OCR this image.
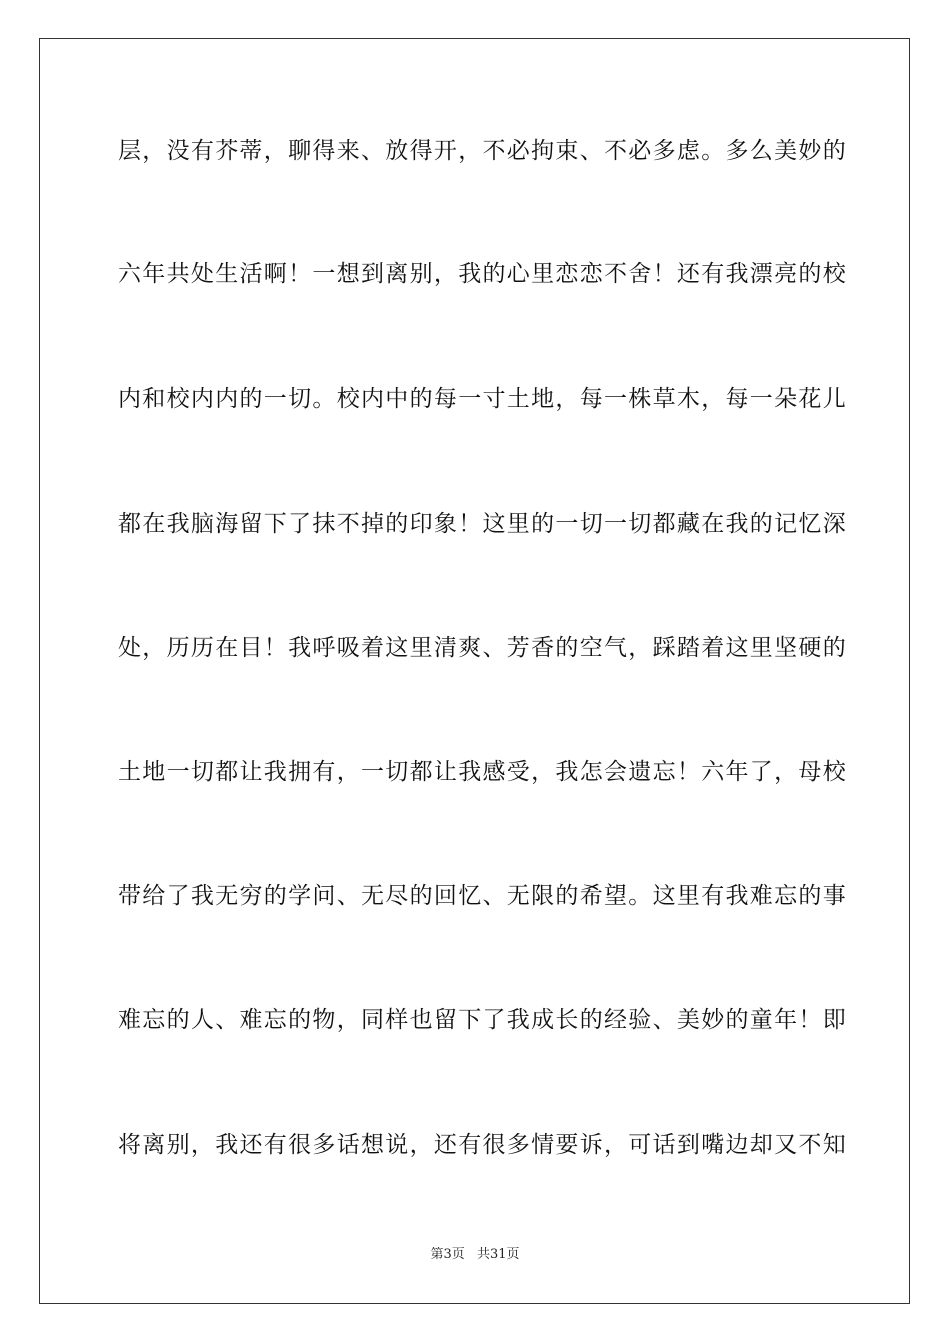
层，没有芥蒂，聊得来、放得开，不必拘束、不必多虑。多么美妙的
六年共处生活啊！一想到离别，我的心里恋恋不舍！还有我漂亮的校
内和校内内的一切。校内中的每一寸土地，每一株草木，每一朵花儿
都在我脑海留下了抹不掉的印象！这里的一切一切都藏在我的记忆深
处，历历在目！我呼吸着这里清爽、芳香的空气，踩踏着这里坚硬的
土地一切都让我拥有，一切都让我感受，我怎会遗忘！六年了，母校
带给了我无穷的学问、无尽的回忆、无限的希望。这里有我难忘的事
难忘的人、难忘的物，同样也留下了我成长的经验、美妙的童年！即
将离别，我还有很多话想说，还有很多情要诉，可话到嘴边却又不知
第3页 共31页
